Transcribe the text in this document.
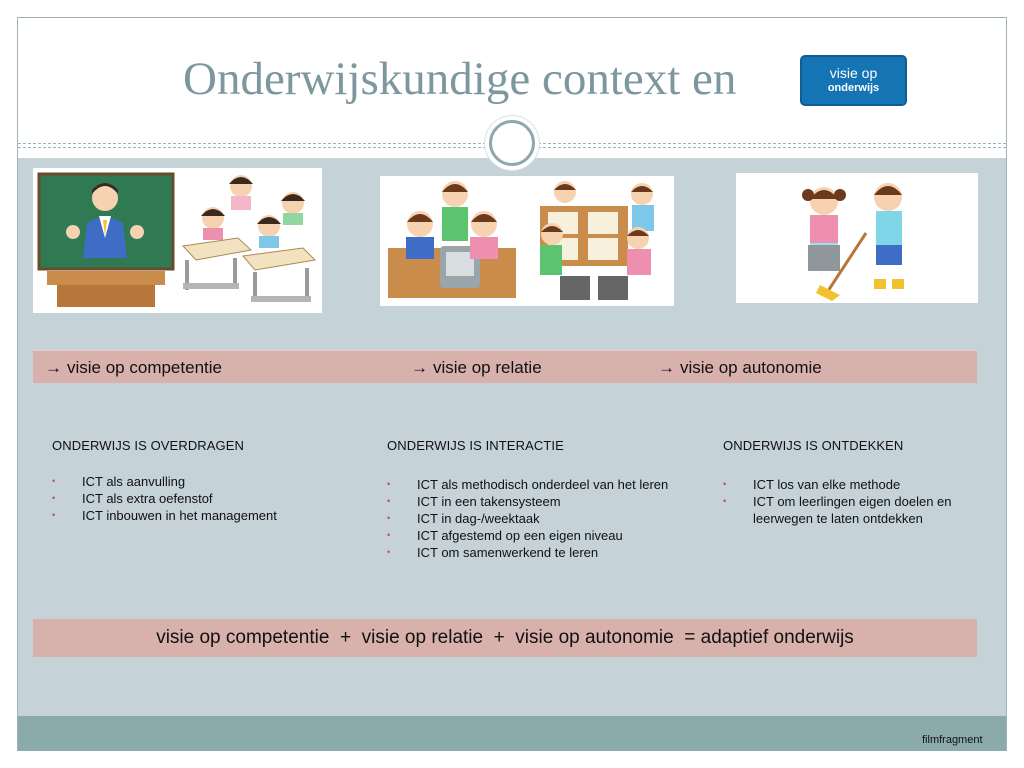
Onderwijskundige context en	visie op
onderwijs
→ visie op competentie	→ visie op relatie	→ visie op autonomie
ONDERWIJS IS OVERDRAGEN
• ICT als aanvulling
• ICT als extra oefenstof
• ICT inbouwen in het management
ONDERWIJS IS INTERACTIE
• ICT als methodisch onderdeel van het leren
• ICT in een takensysteem
• ICT in dag-/weektaak
• ICT afgestemd op een eigen niveau
• ICT om samenwerkend te leren
ONDERWIJS IS ONTDEKKEN
• ICT los van elke methode
• ICT om leerlingen eigen doelen en leerwegen te laten ontdekken
visie op competentie  +  visie op relatie  +  visie op autonomie  = adaptief onderwijs
filmfragment
